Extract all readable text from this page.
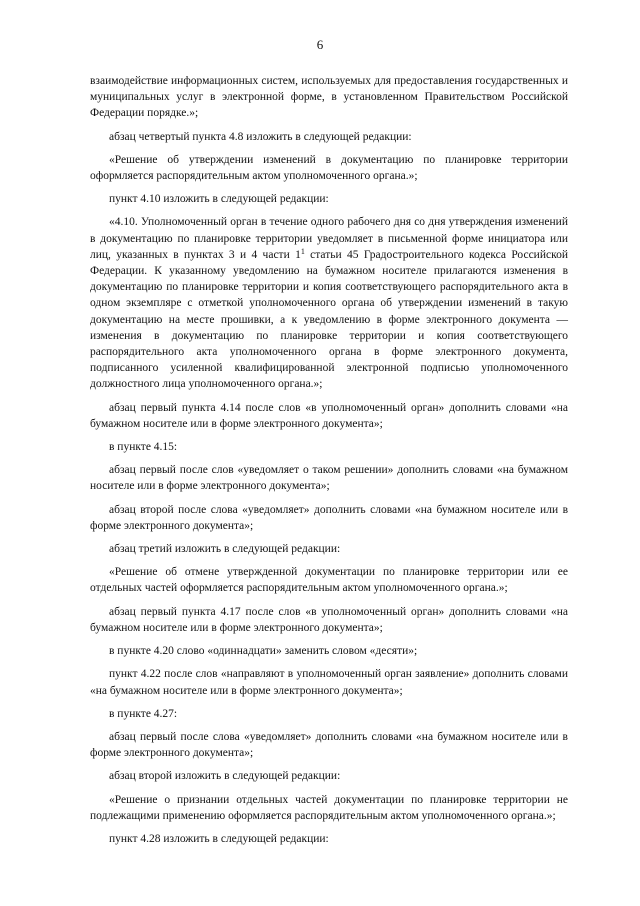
6

взаимодействие информационных систем, используемых для предоставления государственных и муниципальных услуг в электронной форме, в установленном Правительством Российской Федерации порядке.»;

абзац четвертый пункта 4.8 изложить в следующей редакции:

«Решение об утверждении изменений в документацию по планировке территории оформляется распорядительным актом уполномоченного органа.»;

пункт 4.10 изложить в следующей редакции:

«4.10. Уполномоченный орган в течение одного рабочего дня со дня утверждения изменений в документацию по планировке территории уведомляет в письменной форме инициатора или лиц, указанных в пунктах 3 и 4 части $1^1$ статьи 45 Градостроительного кодекса Российской Федерации. К указанному уведомлению на бумажном носителе прилагаются изменения в документацию по планировке территории и копия соответствующего распорядительного акта в одном экземпляре с отметкой уполномоченного органа об утверждении изменений в такую документацию на месте прошивки, а к уведомлению в форме электронного документа — изменения в документацию по планировке территории и копия соответствующего распорядительного акта уполномоченного органа в форме электронного документа, подписанного усиленной квалифицированной электронной подписью уполномоченного должностного лица уполномоченного органа.»;

абзац первый пункта 4.14 после слов «в уполномоченный орган» дополнить словами «на бумажном носителе или в форме электронного документа»;

в пункте 4.15:

абзац первый после слов «уведомляет о таком решении» дополнить словами «на бумажном носителе или в форме электронного документа»;

абзац второй после слова «уведомляет» дополнить словами «на бумажном носителе или в форме электронного документа»;

абзац третий изложить в следующей редакции:

«Решение об отмене утвержденной документации по планировке территории или ее отдельных частей оформляется распорядительным актом уполномоченного органа.»;

абзац первый пункта 4.17 после слов «в уполномоченный орган» дополнить словами «на бумажном носителе или в форме электронного документа»;

в пункте 4.20 слово «одиннадцати» заменить словом «десяти»;

пункт 4.22 после слов «направляют в уполномоченный орган заявление» дополнить словами «на бумажном носителе или в форме электронного документа»;

в пункте 4.27:

абзац первый после слова «уведомляет» дополнить словами «на бумажном носителе или в форме электронного документа»;

абзац второй изложить в следующей редакции:

«Решение о признании отдельных частей документации по планировке территории не подлежащими применению оформляется распорядительным актом уполномоченного органа.»;

пункт 4.28 изложить в следующей редакции:
